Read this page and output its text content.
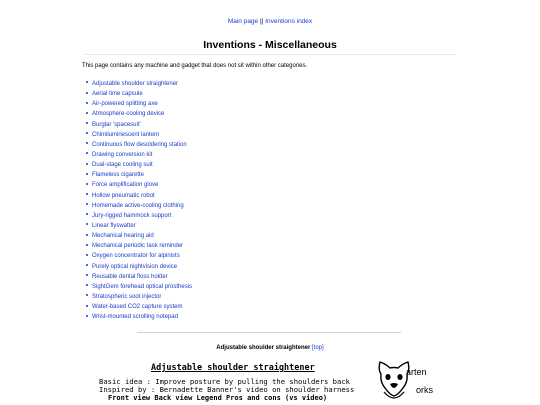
Main page || Inventions index
Inventions - Miscellaneous
This page contains any machine and gadget that does not sit within other categories.
Adjustable shoulder straightener
Aerial time capsule
Air-powered splitting axe
Atmosphere-cooling device
Burglar 'spacesuit'
Chimiluminescent lantern
Continuous flow desoldering station
Drawing conversion kit
Dual-stage cooling suit
Flameless cigarette
Force amplification glove
Hollow pneumatic robot
Homemade active-cooling clothing
Jury-rigged hammock support
Linear flyswatter
Mechanical hearing aid
Mechanical periodic task reminder
Oxygen concentrator for alpinists
Purely optical nightvision device
Reusable dental floss holder
SightGem forehead optical prosthesis
Stratospheric soot injector
Water-based CO2 capture system
Wrist-mounted scrolling notepad
Adjustable shoulder straightener [top]
Adjustable shoulder straightener
Basic idea : Improve posture by pulling the shoulders back
Inspired by : Bernadette Banner's video on shoulder harness
Front view Back view Legend Pros and cons (vs video)
arten
orks
